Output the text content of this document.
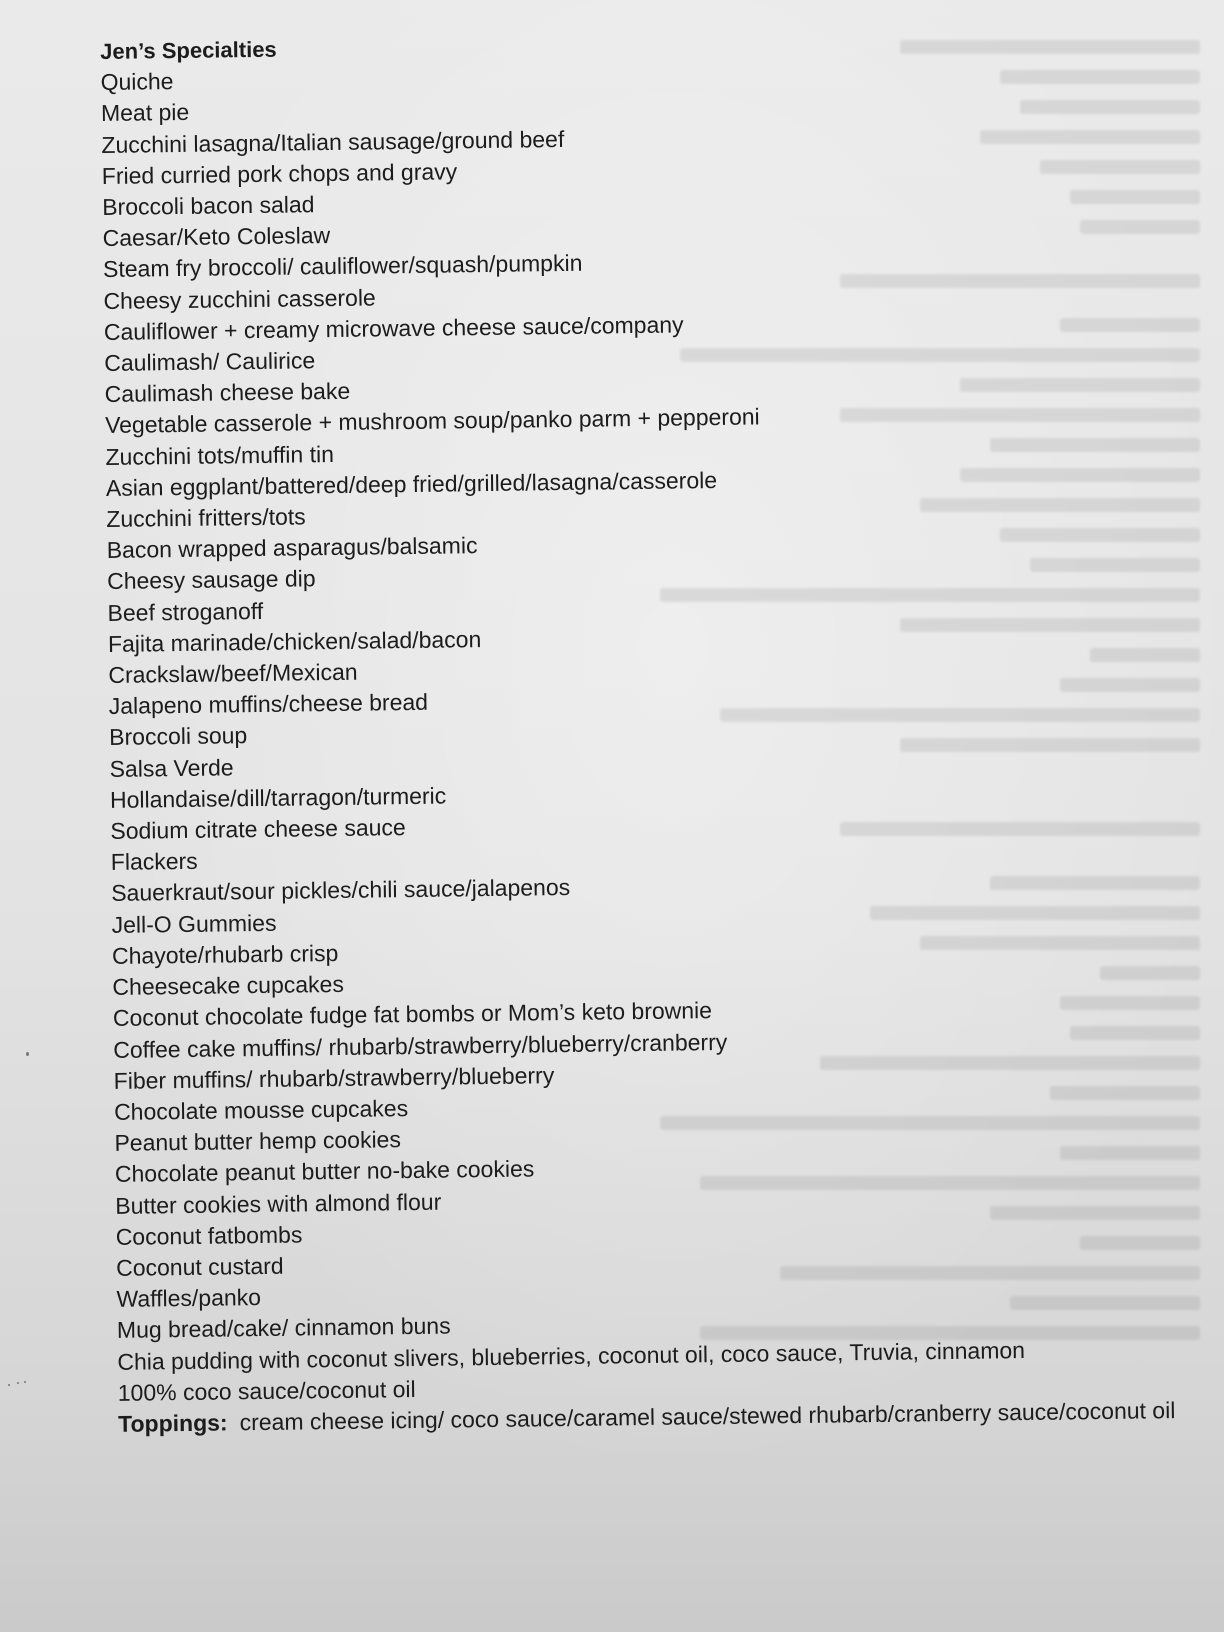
Jen’s Specialties
Quiche
Meat pie
Zucchini lasagna/Italian sausage/ground beef
Fried curried pork chops and gravy
Broccoli bacon salad
Caesar/Keto Coleslaw
Steam fry broccoli/ cauliflower/squash/pumpkin
Cheesy zucchini casserole
Cauliflower + creamy microwave cheese sauce/company
Caulimash/ Caulirice
Caulimash cheese bake
Vegetable casserole + mushroom soup/panko parm + pepperoni
Zucchini tots/muffin tin
Asian eggplant/battered/deep fried/grilled/lasagna/casserole
Zucchini fritters/tots
Bacon wrapped asparagus/balsamic
Cheesy sausage dip
Beef stroganoff
Fajita marinade/chicken/salad/bacon
Crackslaw/beef/Mexican
Jalapeno muffins/cheese bread
Broccoli soup
Salsa Verde
Hollandaise/dill/tarragon/turmeric
Sodium citrate cheese sauce
Flackers
Sauerkraut/sour pickles/chili sauce/jalapenos
Jell-O Gummies
Chayote/rhubarb crisp
Cheesecake cupcakes
Coconut chocolate fudge fat bombs or Mom’s keto brownie
Coffee cake muffins/ rhubarb/strawberry/blueberry/cranberry
Fiber muffins/ rhubarb/strawberry/blueberry
Chocolate mousse cupcakes
Peanut butter hemp cookies
Chocolate peanut butter no-bake cookies
Butter cookies with almond flour
Coconut fatbombs
Coconut custard
Waffles/panko
Mug bread/cake/ cinnamon buns
Chia pudding with coconut slivers, blueberries, coconut oil, coco sauce, Truvia, cinnamon
100% coco sauce/coconut oil
Toppings: cream cheese icing/ coco sauce/caramel sauce/stewed rhubarb/cranberry sauce/coconut oil
